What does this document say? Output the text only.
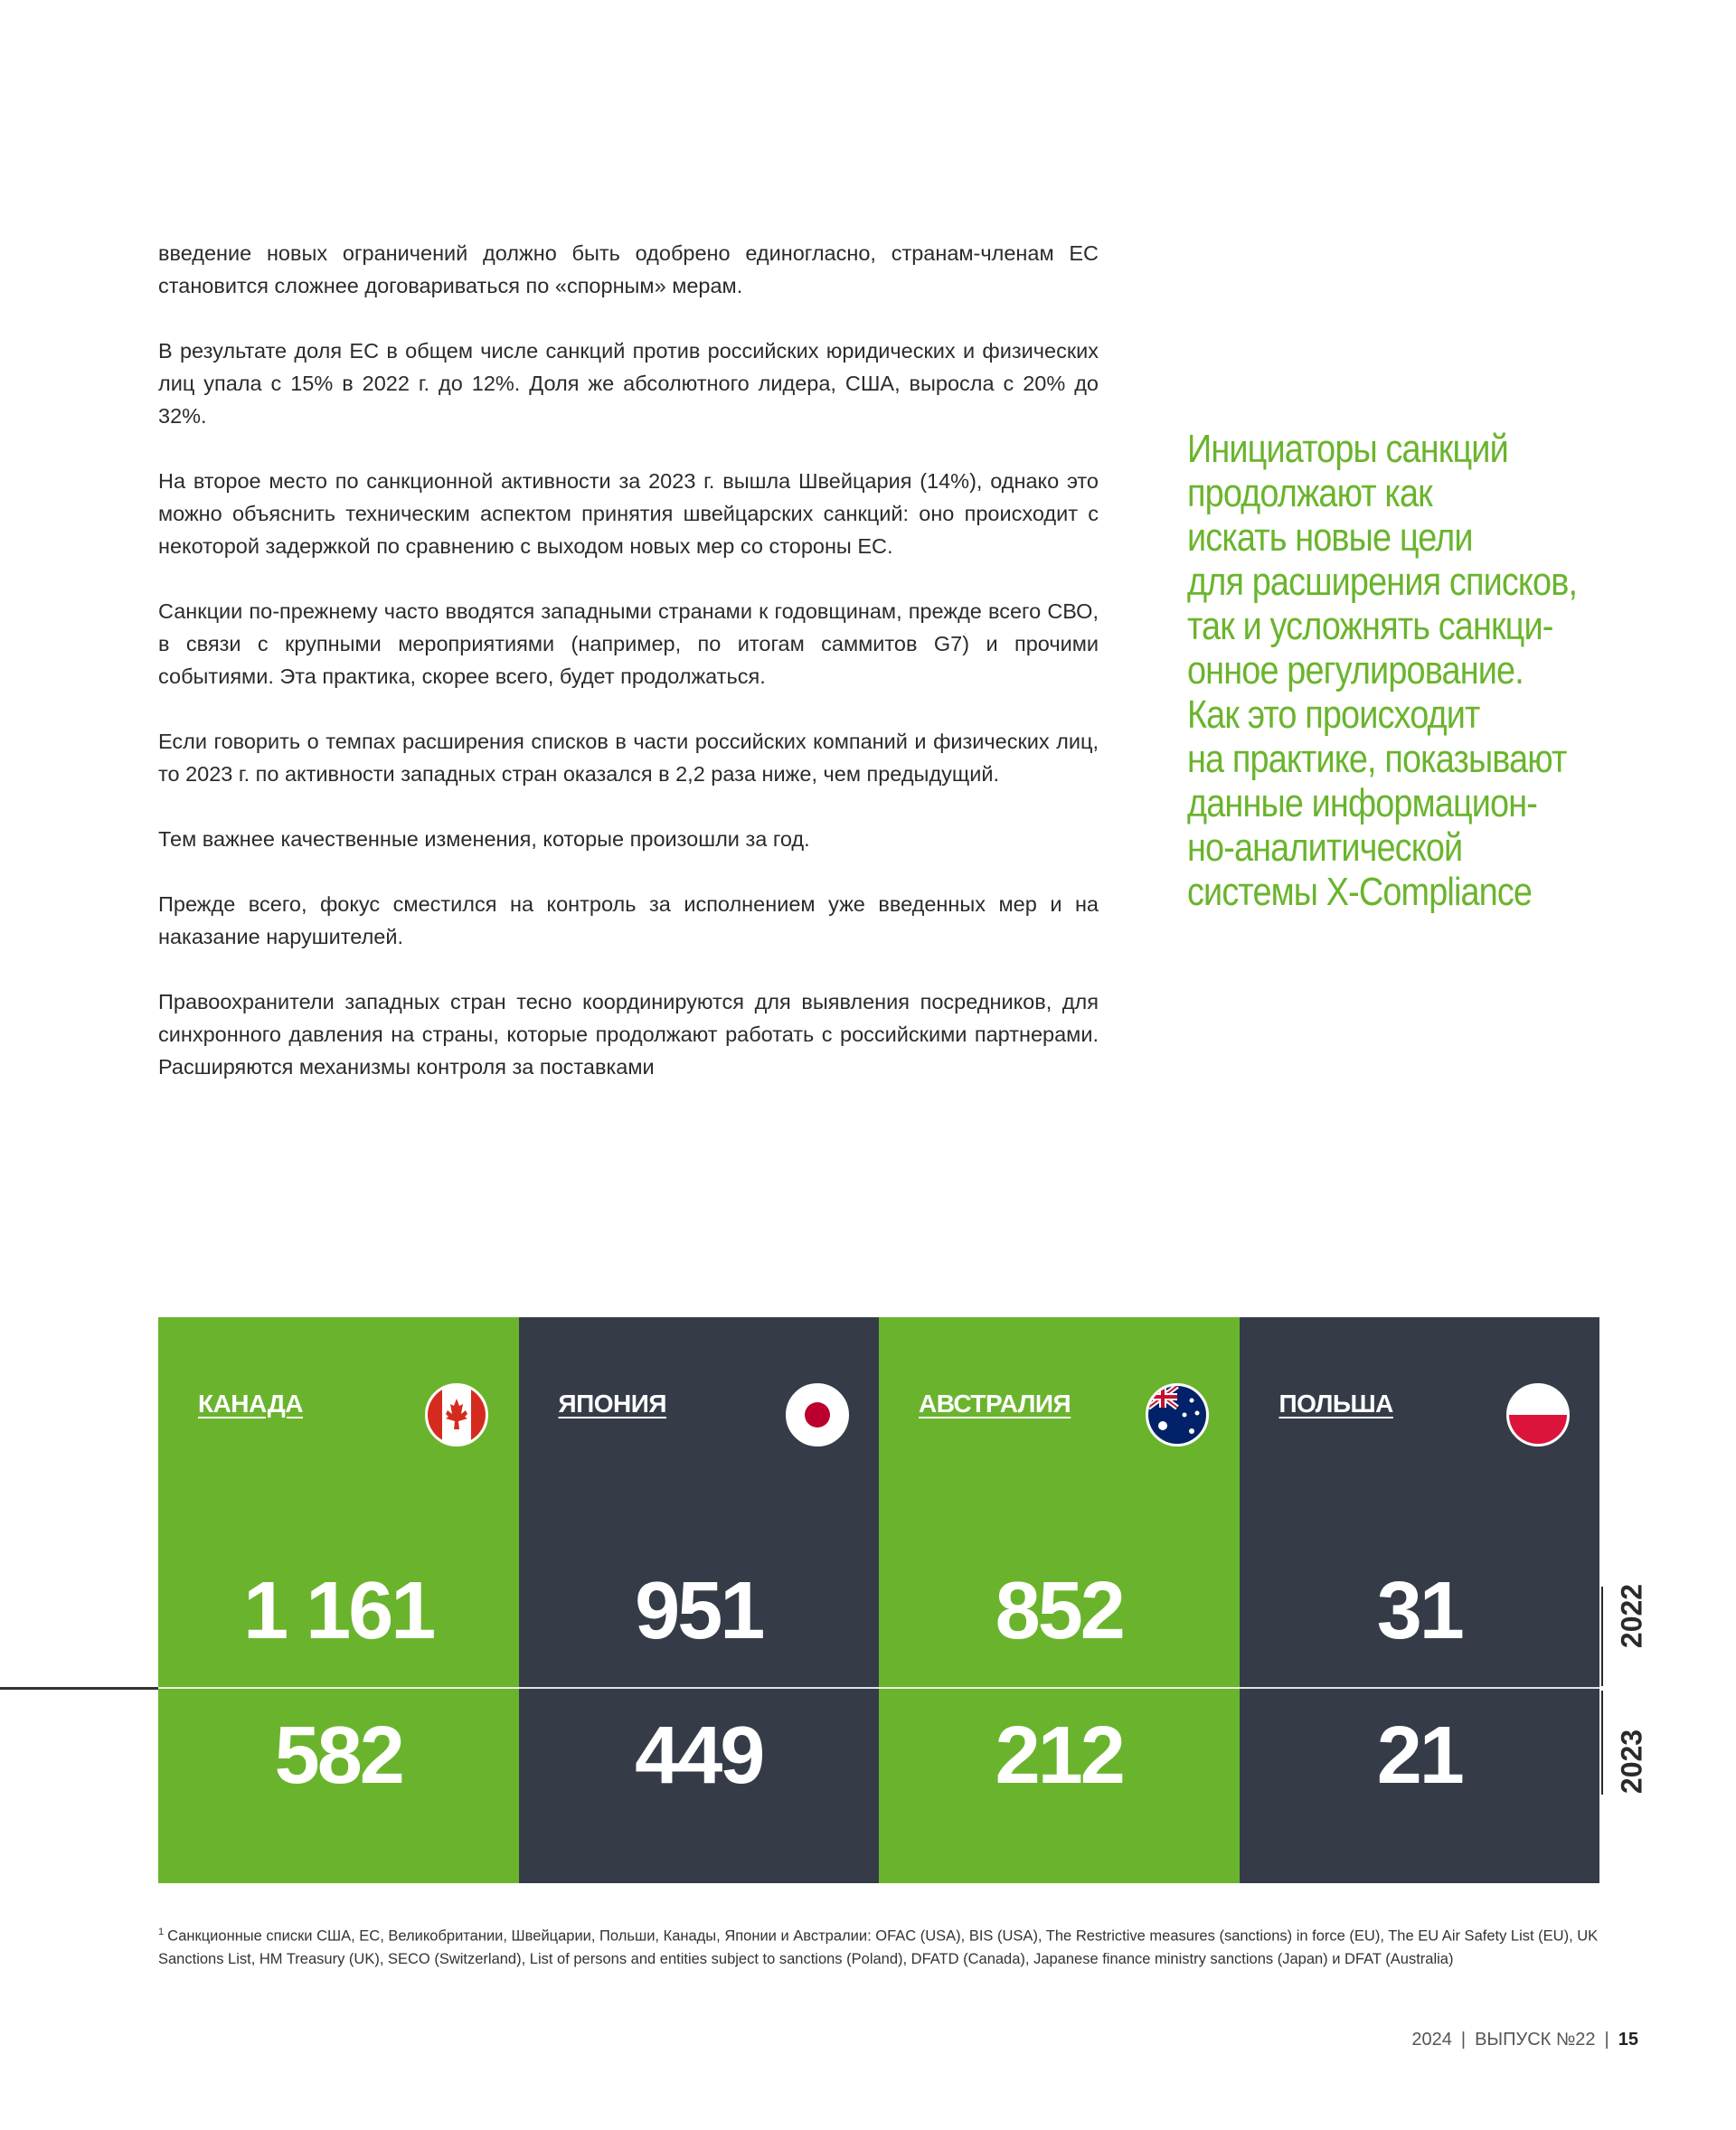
введение новых ограничений должно быть одобрено единогласно, странам-членам ЕС становится сложнее договариваться по «спорным» мерам.

В результате доля ЕС в общем числе санкций против российских юридических и физических лиц упала с 15% в 2022 г. до 12%. Доля же абсолютного лидера, США, выросла с 20% до 32%.

На второе место по санкционной активности за 2023 г. вышла Швейцария (14%), однако это можно объяснить техническим аспектом принятия швейцарских санкций: оно происходит с некоторой задержкой по сравнению с выходом новых мер со стороны ЕС.

Санкции по-прежнему часто вводятся западными странами к годовщинам, прежде всего СВО, в связи с крупными мероприятиями (например, по итогам саммитов G7) и прочими событиями. Эта практика, скорее всего, будет продолжаться.

Если говорить о темпах расширения списков в части российских компаний и физических лиц, то 2023 г. по активности западных стран оказался в 2,2 раза ниже, чем предыдущий.

Тем важнее качественные изменения, которые произошли за год.

Прежде всего, фокус сместился на контроль за исполнением уже введенных мер и на наказание нарушителей.

Правоохранители западных стран тесно координируются для выявления посредников, для синхронного давления на страны, которые продолжают работать с российскими партнерами. Расширяются механизмы контроля за поставками

Инициаторы санкций
продолжают как
искать новые цели
для расширения списков,
так и усложнять санкци-
онное регулирование.
Как это происходит
на практике, показывают
данные информацион-
но-аналитической
системы X-Compliance
КАНАДА
1 161
582
ЯПОНИЯ
951
449
АВСТРАЛИЯ
852
212
ПОЛЬША
31
21
2022
2023
$^1$ Санкционные списки США, ЕС, Великобритании, Швейцарии, Польши, Канады, Японии и Австралии: OFAC (USA), BIS (USA), The Restrictive measures (sanctions) in force (EU), The EU Air Safety List (EU), UK Sanctions List, HM Treasury (UK), SECO (Switzerland), List of persons and entities subject to sanctions (Poland), DFATD (Canada), Japanese finance ministry sanctions (Japan) и DFAT (Australia)
2024 | ВЫПУСК №22 | 15
